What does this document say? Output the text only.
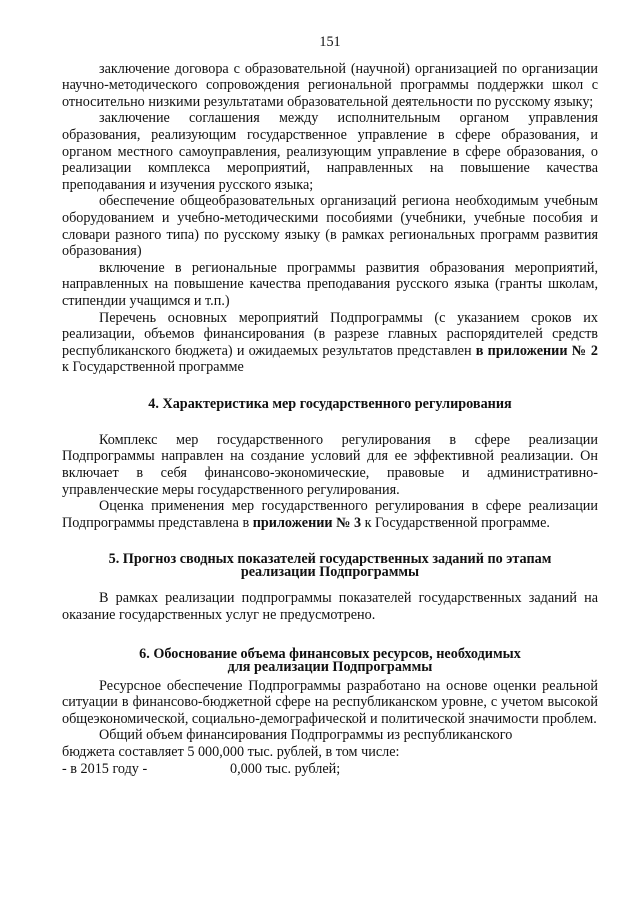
151

заключение договора с образовательной (научной) организацией по организации научно-методического сопровождения региональной программы поддержки школ с относительно низкими результатами образовательной деятельности по русскому языку;

заключение соглашения между исполнительным органом управления образования, реализующим государственное управление в сфере образования, и органом местного самоуправления, реализующим управление в сфере образования, о реализации комплекса мероприятий, направленных на повышение качества преподавания и изучения русского языка;

обеспечение общеобразовательных организаций региона необходимым учебным оборудованием и учебно-методическими пособиями (учебники, учебные пособия и словари разного типа) по русскому языку (в рамках региональных программ развития образования)

включение в региональные программы развития образования мероприятий, направленных на повышение качества преподавания русского языка (гранты школам, стипендии учащимся и т.п.)

Перечень основных мероприятий Подпрограммы (с указанием сроков их реализации, объемов финансирования (в разрезе главных распорядителей средств республиканского бюджета) и ожидаемых результатов представлен в приложении № 2 к Государственной программе

4. Характеристика мер государственного регулирования

Комплекс мер государственного регулирования в сфере реализации Подпрограммы направлен на создание условий для ее эффективной реализации. Он включает в себя финансово-экономические, правовые и административно-управленческие меры государственного регулирования.

Оценка применения мер государственного регулирования в сфере реализации Подпрограммы представлена в приложении № 3 к Государственной программе.

5. Прогноз сводных показателей государственных заданий по этапам
реализации Подпрограммы

В рамках реализации подпрограммы показателей государственных заданий на оказание государственных услуг не предусмотрено.

6. Обоснование объема финансовых ресурсов, необходимых
для реализации Подпрограммы

Ресурсное обеспечение Подпрограммы разработано на основе оценки реальной ситуации в финансово-бюджетной сфере на республиканском уровне, с учетом высокой общеэкономической, социально-демографической и политической значимости проблем.

Общий объем финансирования Подпрограммы из республиканского

бюджета составляет 5 000,000 тыс. рублей, в том числе:

- в 2015 году -	0,000 тыс. рублей;
